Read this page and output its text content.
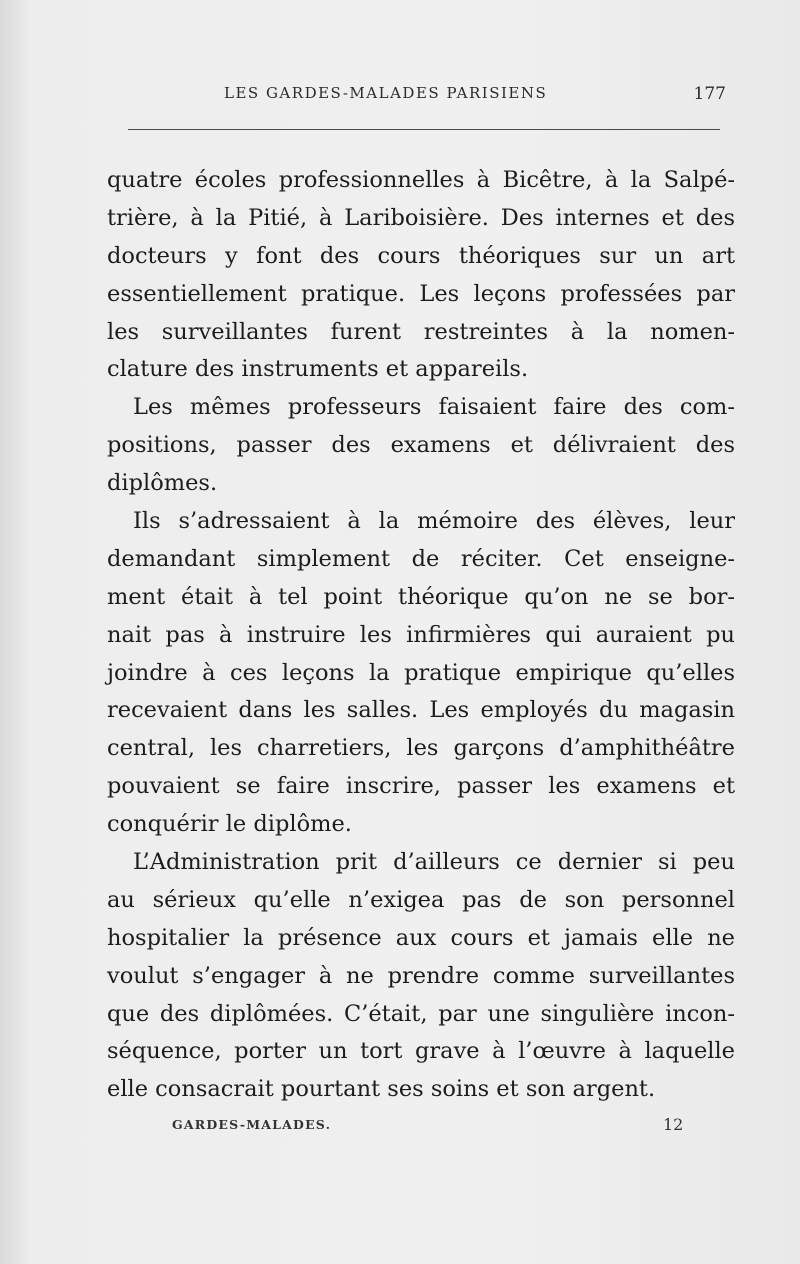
LES GARDES-MALADES PARISIENS	177
quatre écoles professionnelles à Bicêtre, à la Salpé-
trière, à la Pitié, à Lariboisière. Des internes et des
docteurs y font des cours théoriques sur un art
essentiellement pratique. Les leçons professées par
les surveillantes furent restreintes à la nomen-
clature des instruments et appareils.
Les mêmes professeurs faisaient faire des com-
positions, passer des examens et délivraient des
diplômes.
Ils s’adressaient à la mémoire des élèves, leur
demandant simplement de réciter. Cet enseigne-
ment était à tel point théorique qu’on ne se bor-
nait pas à instruire les infirmières qui auraient pu
joindre à ces leçons la pratique empirique qu’elles
recevaient dans les salles. Les employés du magasin
central, les charretiers, les garçons d’amphithéâtre
pouvaient se faire inscrire, passer les examens et
conquérir le diplôme.
L’Administration prit d’ailleurs ce dernier si peu
au sérieux qu’elle n’exigea pas de son personnel
hospitalier la présence aux cours et jamais elle ne
voulut s’engager à ne prendre comme surveillantes
que des diplômées. C’était, par une singulière incon-
séquence, porter un tort grave à l’œuvre à laquelle
elle consacrait pourtant ses soins et son argent.
GARDES-MALADES.	12
